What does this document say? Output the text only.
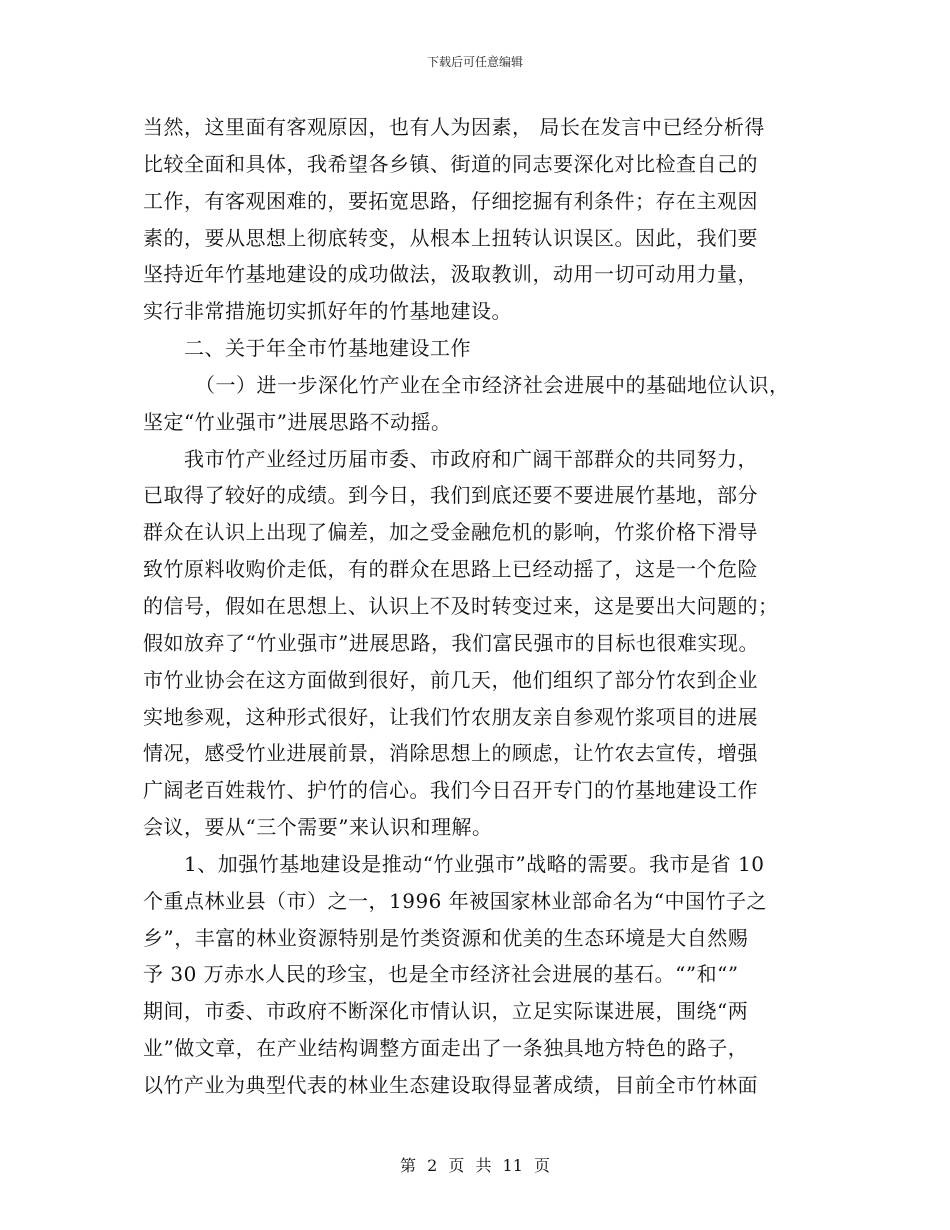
下载后可任意编辑
当然，这里面有客观原因，也有人为因素， 局长在发言中已经分析得
比较全面和具体，我希望各乡镇、街道的同志要深化对比检查自己的
工作，有客观困难的，要拓宽思路，仔细挖掘有利条件；存在主观因
素的，要从思想上彻底转变，从根本上扭转认识误区。因此，我们要
坚持近年竹基地建设的成功做法，汲取教训，动用一切可动用力量，
实行非常措施切实抓好年的竹基地建设。
二、关于年全市竹基地建设工作
（一）进一步深化竹产业在全市经济社会进展中的基础地位认识，
坚定“竹业强市”进展思路不动摇。
我市竹产业经过历届市委、市政府和广阔干部群众的共同努力，
已取得了较好的成绩。到今日，我们到底还要不要进展竹基地，部分
群众在认识上出现了偏差，加之受金融危机的影响，竹浆价格下滑导
致竹原料收购价走低，有的群众在思路上已经动摇了，这是一个危险
的信号，假如在思想上、认识上不及时转变过来，这是要出大问题的；
假如放弃了“竹业强市”进展思路，我们富民强市的目标也很难实现。
市竹业协会在这方面做到很好，前几天，他们组织了部分竹农到企业
实地参观，这种形式很好，让我们竹农朋友亲自参观竹浆项目的进展
情况，感受竹业进展前景，消除思想上的顾虑，让竹农去宣传，增强
广阔老百姓栽竹、护竹的信心。我们今日召开专门的竹基地建设工作
会议，要从“三个需要”来认识和理解。
1、加强竹基地建设是推动“竹业强市”战略的需要。我市是省 10
个重点林业县（市）之一，1996 年被国家林业部命名为“中国竹子之
乡”，丰富的林业资源特别是竹类资源和优美的生态环境是大自然赐
予 30 万赤水人民的珍宝，也是全市经济社会进展的基石。“”和“”
期间，市委、市政府不断深化市情认识，立足实际谋进展，围绕“两
业”做文章，在产业结构调整方面走出了一条独具地方特色的路子，
以竹产业为典型代表的林业生态建设取得显著成绩，目前全市竹林面
第 2 页 共 11 页
